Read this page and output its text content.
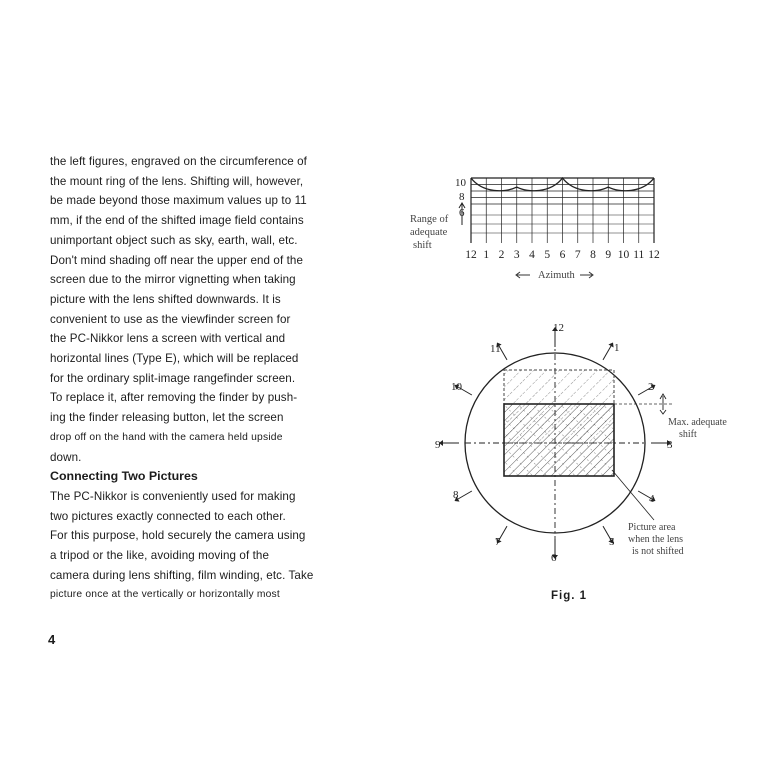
the left figures, engraved on the circumference of
the mount ring of the lens. Shifting will, however,
be made beyond those maximum values up to 11
mm, if the end of the shifted image field contains
unimportant object such as sky, earth, wall, etc.
Don't mind shading off near the upper end of the
screen due to the mirror vignetting when taking
picture with the lens shifted downwards. It is
convenient to use as the viewfinder screen for
the PC-Nikkor lens a screen with vertical and
horizontal lines (Type E), which will be replaced
for the ordinary split-image rangefinder screen.
To replace it, after removing the finder by push-
ing the finder releasing button, let the screen
drop off on the hand with the camera held upside
down.
Connecting Two Pictures
The PC-Nikkor is conveniently used for making
two pictures exactly connected to each other.
For this purpose, hold securely the camera using
a tripod or the like, avoiding moving of the
camera during lens shifting, film winding, etc. Take
picture once at the vertically or horizontally most
4
12 1 2 3 4 5 6 7 8 9 10 11 12
10
8
6
Range of
adequate
shift
Azimuth
Max. adequate
shift
Picture area
when the lens
is not shifted
12
1
2
3
4
5
6
7
8
9
10
11
Fig. 1
